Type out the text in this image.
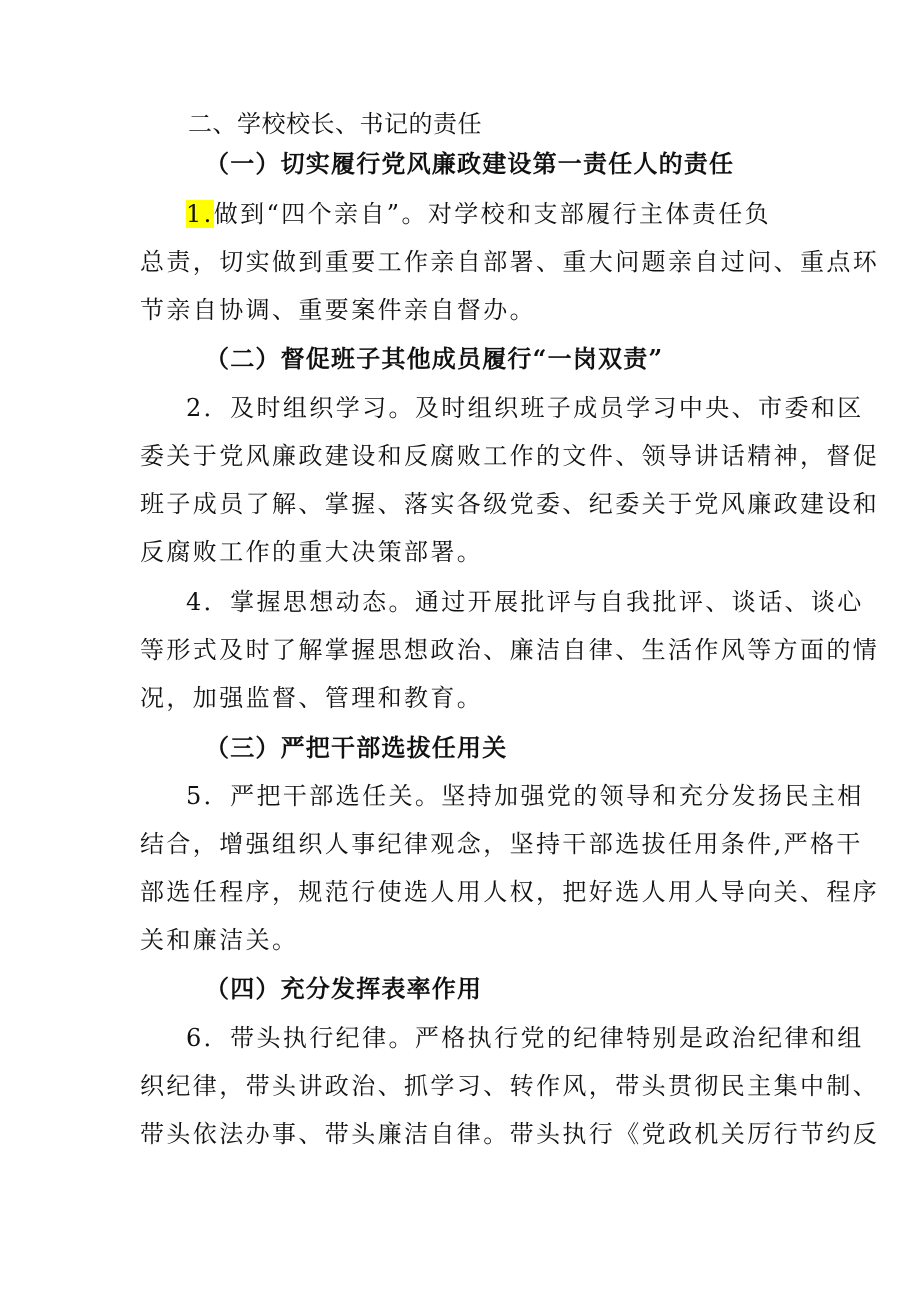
二、学校校长、书记的责任
（一）切实履行党风廉政建设第一责任人的责任
1.做到“四个亲自”。对学校和支部履行主体责任负
总责，切实做到重要工作亲自部署、重大问题亲自过问、重点环
节亲自协调、重要案件亲自督办。
（二）督促班子其他成员履行“一岗双责”
2．及时组织学习。及时组织班子成员学习中央、市委和区
委关于党风廉政建设和反腐败工作的文件、领导讲话精神，督促
班子成员了解、掌握、落实各级党委、纪委关于党风廉政建设和
反腐败工作的重大决策部署。
4．掌握思想动态。通过开展批评与自我批评、谈话、谈心
等形式及时了解掌握思想政治、廉洁自律、生活作风等方面的情
况，加强监督、管理和教育。
（三）严把干部选拔任用关
5．严把干部选任关。坚持加强党的领导和充分发扬民主相
结合，增强组织人事纪律观念，坚持干部选拔任用条件,严格干
部选任程序，规范行使选人用人权，把好选人用人导向关、程序
关和廉洁关。
（四）充分发挥表率作用
6．带头执行纪律。严格执行党的纪律特别是政治纪律和组
织纪律，带头讲政治、抓学习、转作风，带头贯彻民主集中制、
带头依法办事、带头廉洁自律。带头执行《党政机关厉行节约反
